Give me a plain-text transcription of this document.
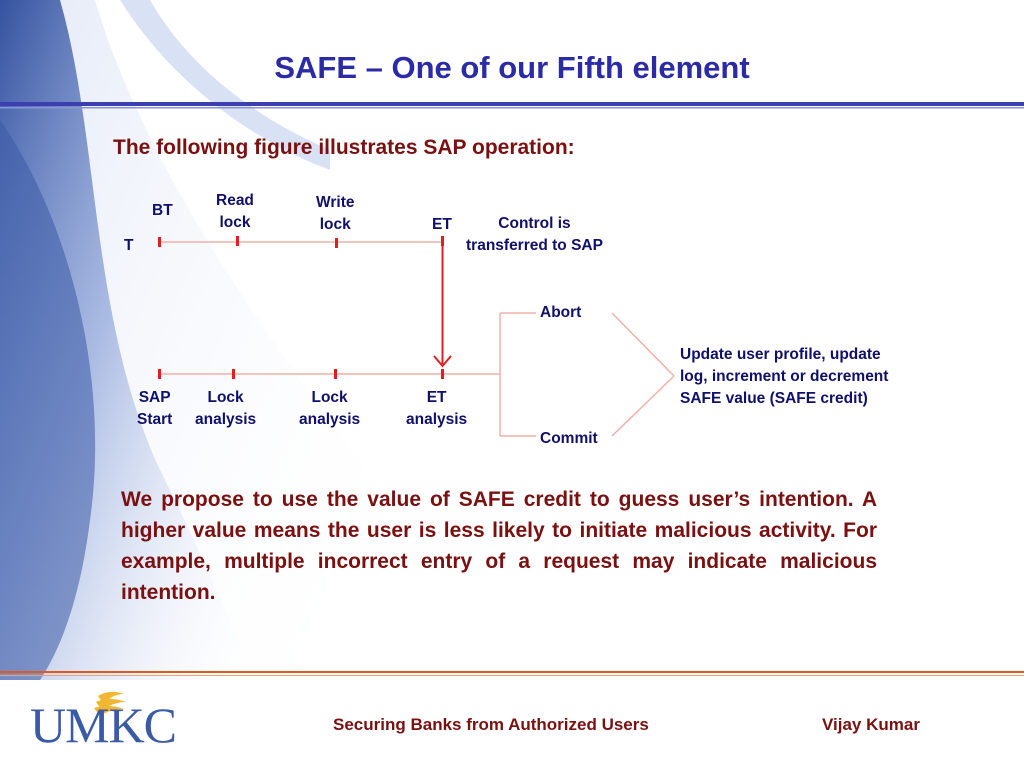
SAFE – One of our Fifth element
The following figure illustrates SAP operation:
T
BT
Read
lock
Write
lock	ET	Control is
transferred to SAP
SAP
Start
Lock
analysis
Lock
analysis
ET
analysis
Abort
Commit
Update user profile, update
log, increment or decrement
SAFE value (SAFE credit)
We propose to use the value of SAFE credit to guess user’s intention. A higher value means the user is less likely to initiate malicious activity. For example, multiple incorrect entry of a request may indicate malicious intention.
UMKC	Securing Banks from Authorized Users	Vijay Kumar
